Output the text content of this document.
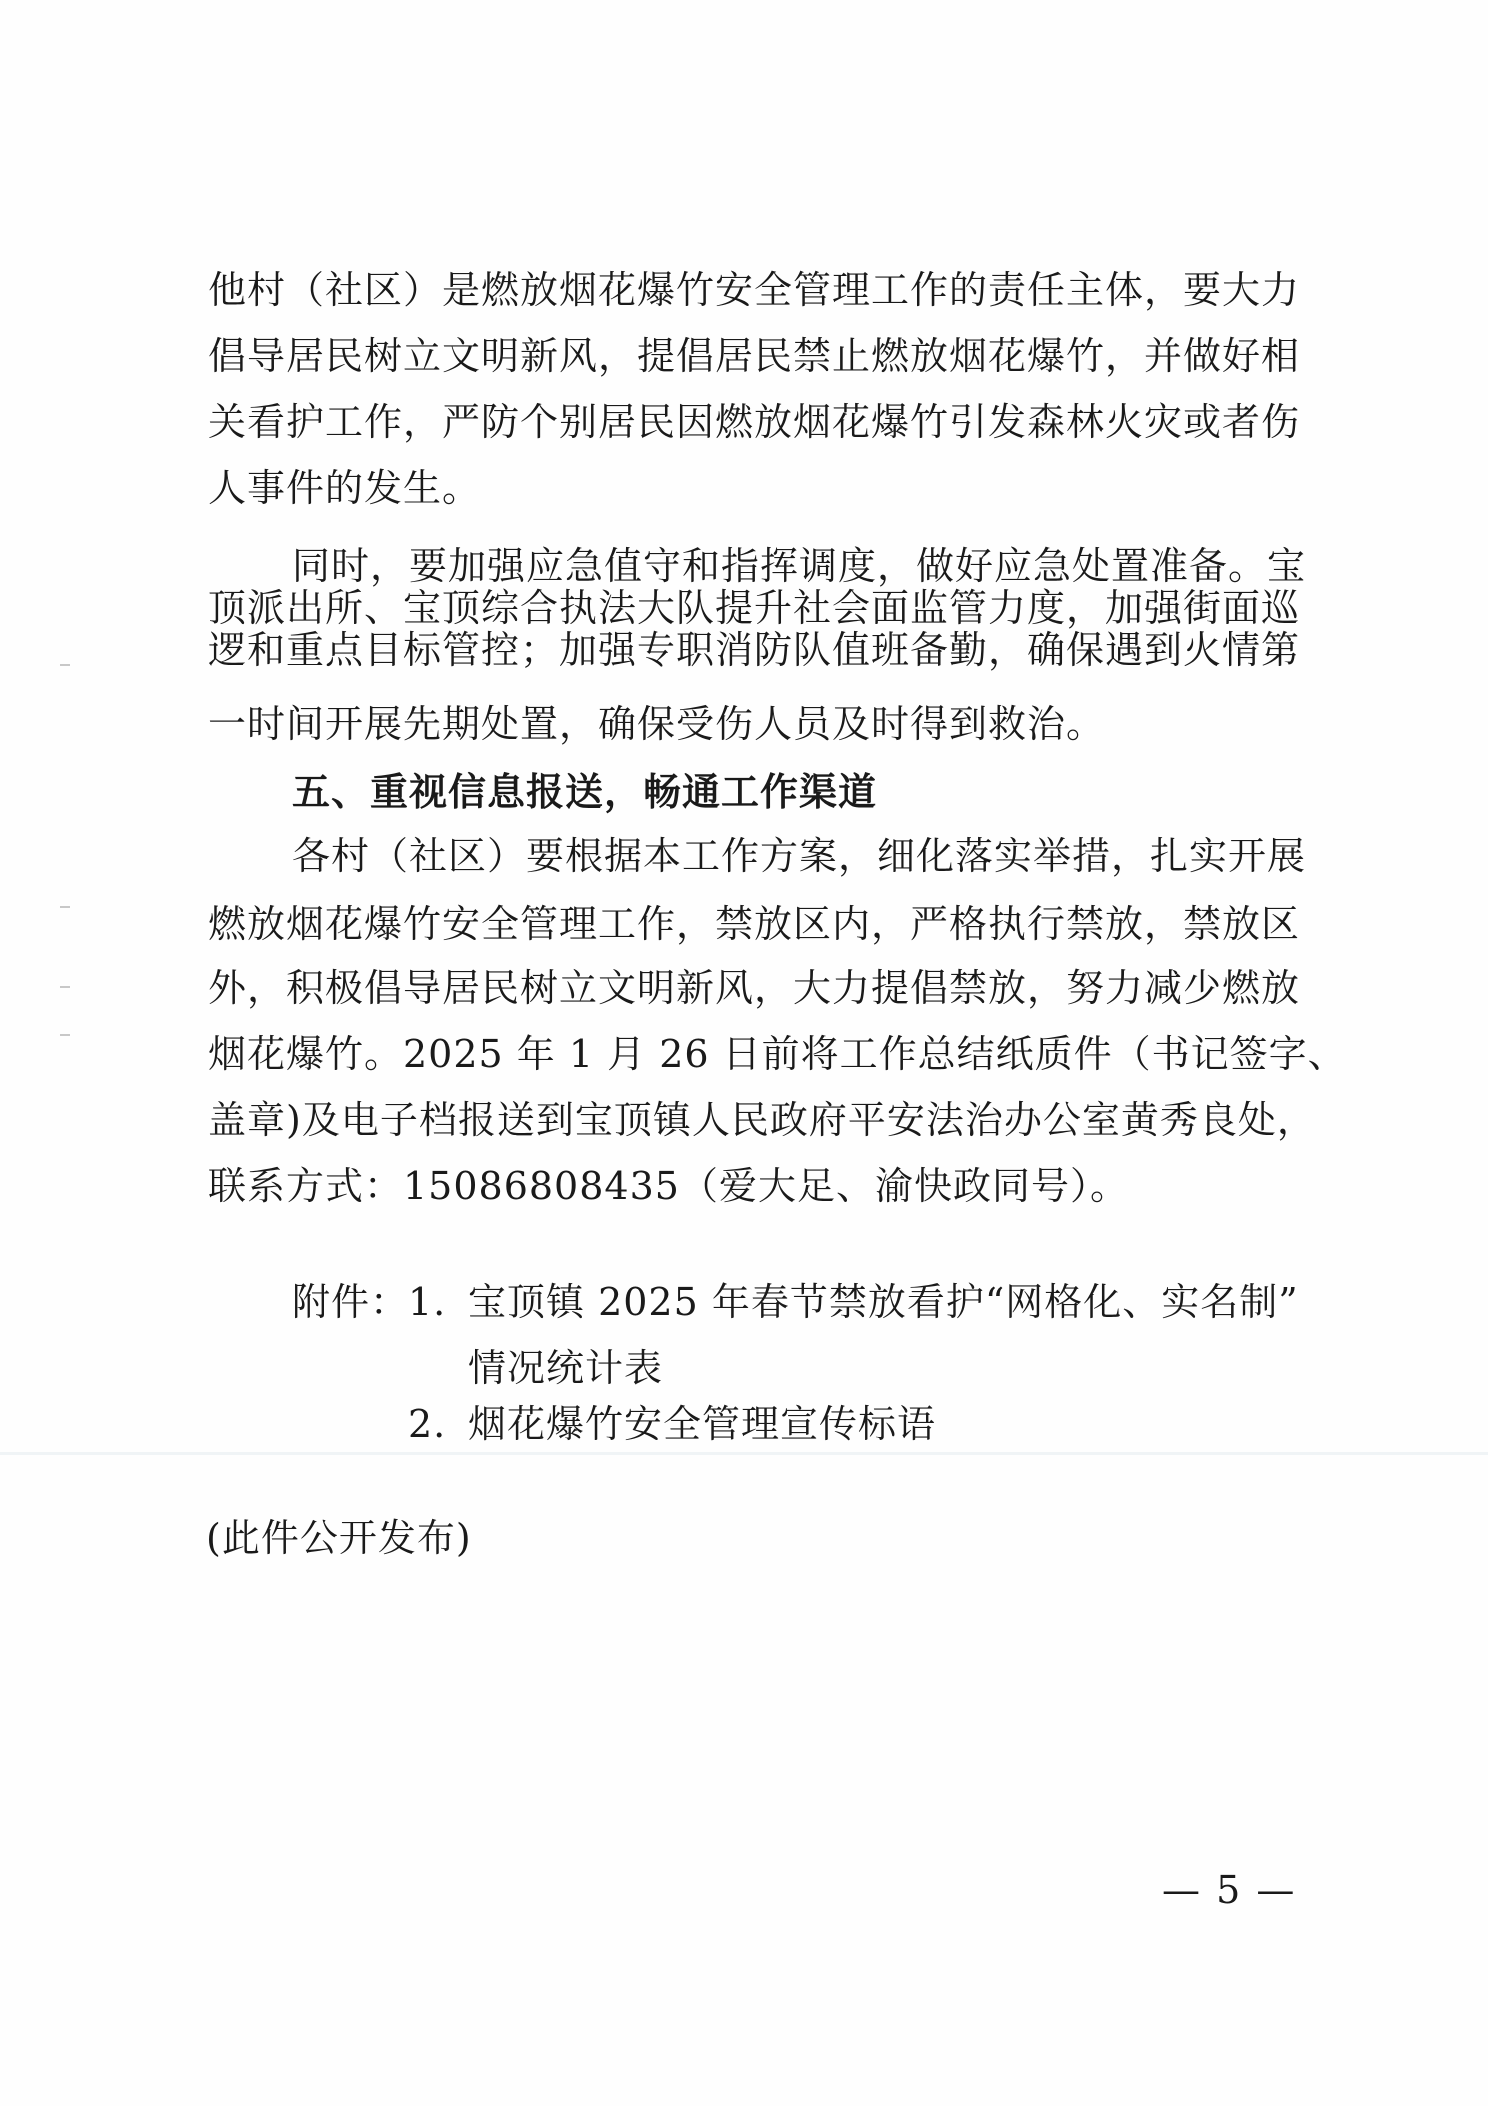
他村（社区）是燃放烟花爆竹安全管理工作的责任主体，要大力
倡导居民树立文明新风，提倡居民禁止燃放烟花爆竹，并做好相
关看护工作，严防个别居民因燃放烟花爆竹引发森林火灾或者伤
人事件的发生。
同时，要加强应急值守和指挥调度，做好应急处置准备。宝
顶派出所、宝顶综合执法大队提升社会面监管力度，加强街面巡
逻和重点目标管控；加强专职消防队值班备勤，确保遇到火情第
一时间开展先期处置，确保受伤人员及时得到救治。
五、重视信息报送，畅通工作渠道
各村（社区）要根据本工作方案，细化落实举措，扎实开展
燃放烟花爆竹安全管理工作，禁放区内，严格执行禁放，禁放区
外，积极倡导居民树立文明新风，大力提倡禁放，努力减少燃放
烟花爆竹。2025 年 1 月 26 日前将工作总结纸质件（书记签字、
盖章)及电子档报送到宝顶镇人民政府平安法治办公室黄秀良处，
联系方式：15086808435（爱大足、渝快政同号）。
附件：
1. 宝顶镇 2025 年春节禁放看护“网格化、实名制”
情况统计表
2. 烟花爆竹安全管理宣传标语
(此件公开发布)
— 5 —
